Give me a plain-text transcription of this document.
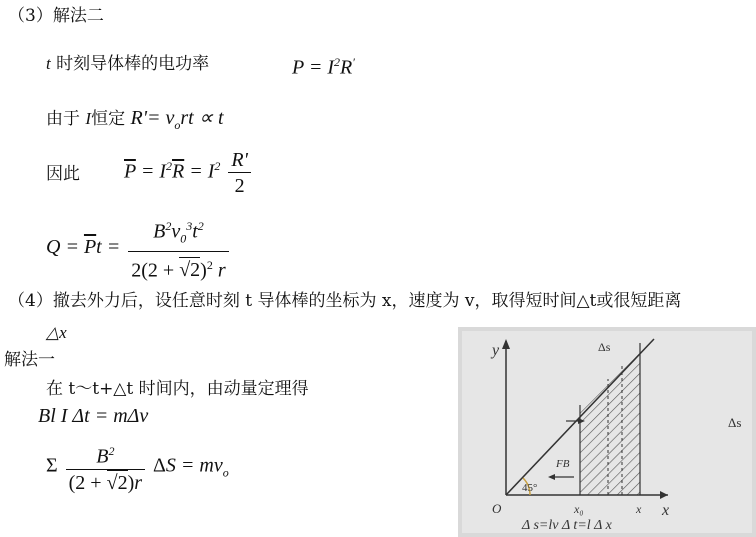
（3）解法二
t 时刻导体棒的电功率	$P = I^2R'$
由于 I恒定 $R'= v_ort \propto t$
因此 $\overline{P} = I^2\overline{R} = I^2 \frac{R'}{2}$
$Q = \overline{P}t = \frac{B^2v_0^3t^2}{2(2 + √2)^2 r}$
（4）撤去外力后，设任意时刻 t 导体棒的坐标为 x，速度为 v，取得短时间△t或很短距离
△x
解法一
在 t～t+△t 时间内，由动量定理得
Bl I Δt = mΔv
Σ $\frac{B^2}{(2 + √2)r}$ $\Delta S = mv_o$
y
x
O
45°
x₀	x
Δs
FB
Δs
Δ s=lv Δ t=l Δ x
